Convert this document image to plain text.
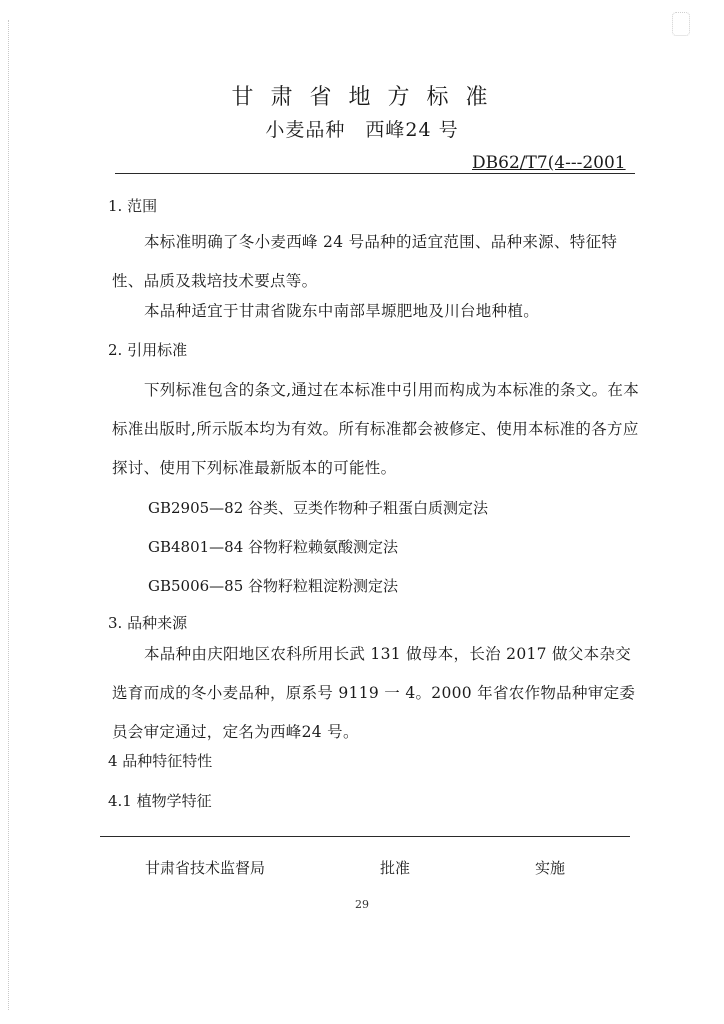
甘 肃 省 地 方 标 准
小麦品种　西峰24 号
DB62/T7(4---2001
1. 范围
本标准明确了冬小麦西峰 24 号品种的适宜范围、品种来源、特征特性、品质及栽培技术要点等。
本品种适宜于甘肃省陇东中南部旱塬肥地及川台地种植。
2. 引用标准
下列标准包含的条文,通过在本标准中引用而构成为本标准的条文。在本标准出版时,所示版本均为有效。所有标准都会被修定、使用本标准的各方应探讨、使用下列标准最新版本的可能性。
GB2905—82 谷类、豆类作物种子粗蛋白质测定法
GB4801—84 谷物籽粒赖氨酸测定法
GB5006—85 谷物籽粒粗淀粉测定法
3. 品种来源
本品种由庆阳地区农科所用长武 131 做母本，长治 2017 做父本杂交选育而成的冬小麦品种，原系号 9119 一 4。2000 年省农作物品种审定委员会审定通过，定名为西峰24 号。
4 品种特征特性
4.1 植物学特征
甘肃省技术监督局	批准	实施
29
